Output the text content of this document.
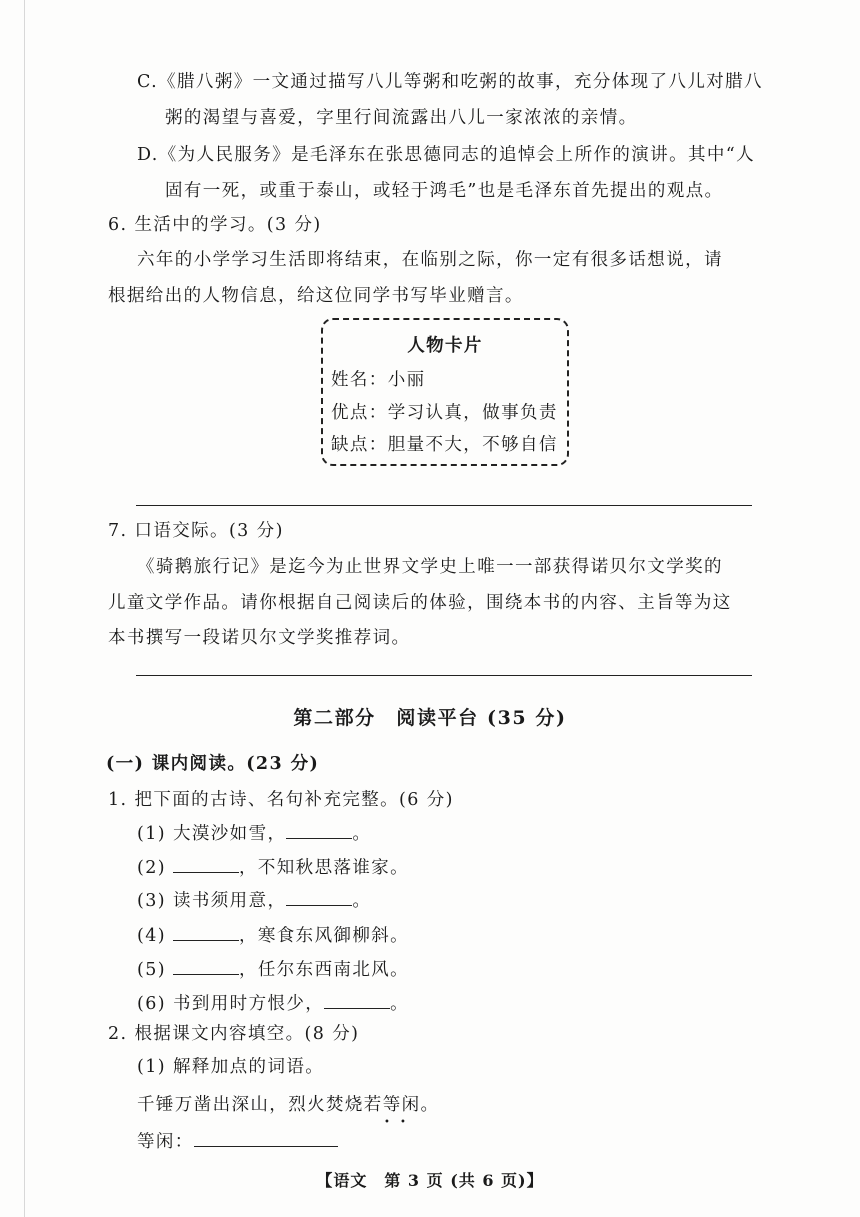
C.《腊八粥》一文通过描写八儿等粥和吃粥的故事，充分体现了八儿对腊八
粥的渴望与喜爱，字里行间流露出八儿一家浓浓的亲情。
D.《为人民服务》是毛泽东在张思德同志的追悼会上所作的演讲。其中“人
固有一死，或重于泰山，或轻于鸿毛”也是毛泽东首先提出的观点。
6. 生活中的学习。(3 分)
六年的小学学习生活即将结束，在临别之际，你一定有很多话想说，请
根据给出的人物信息，给这位同学书写毕业赠言。
人物卡片
姓名：小丽
优点：学习认真，做事负责
缺点：胆量不大，不够自信
7. 口语交际。(3 分)
《骑鹅旅行记》是迄今为止世界文学史上唯一一部获得诺贝尔文学奖的
儿童文学作品。请你根据自己阅读后的体验，围绕本书的内容、主旨等为这
本书撰写一段诺贝尔文学奖推荐词。
第二部分　阅读平台 (35 分)
(一) 课内阅读。(23 分)
1. 把下面的古诗、名句补充完整。(6 分)
(1) 大漠沙如雪，	。
(2)	，不知秋思落谁家。
(3) 读书须用意，	。
(4)	，寒食东风御柳斜。
(5)	，任尔东西南北风。
(6) 书到用时方恨少，	。
2. 根据课文内容填空。(8 分)
(1) 解释加点的词语。
千锤万凿出深山，烈火焚烧若等闲。
• •
等闲：
【语文　第 3 页 (共 6 页)】
